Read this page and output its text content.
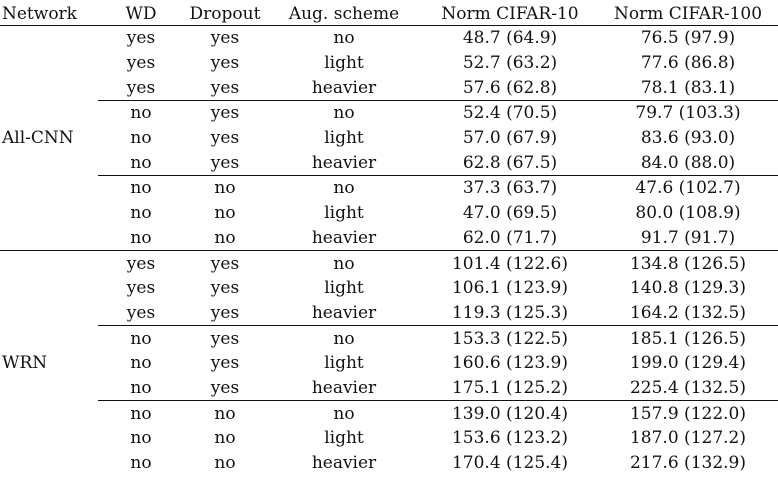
Network	WD	Dropout	Aug. scheme	Norm CIFAR-10	Norm CIFAR-100
All-CNN	yes	yes	no	48.7 (64.9)	76.5 (97.9)
	yes	yes	light	52.7 (63.2)	77.6 (86.8)
	yes	yes	heavier	57.6 (62.8)	78.1 (83.1)
	no	yes	no	52.4 (70.5)	79.7 (103.3)
	no	yes	light	57.0 (67.9)	83.6 (93.0)
	no	yes	heavier	62.8 (67.5)	84.0 (88.0)
	no	no	no	37.3 (63.7)	47.6 (102.7)
	no	no	light	47.0 (69.5)	80.0 (108.9)
	no	no	heavier	62.0 (71.7)	91.7 (91.7)
WRN	yes	yes	no	101.4 (122.6)	134.8 (126.5)
	yes	yes	light	106.1 (123.9)	140.8 (129.3)
	yes	yes	heavier	119.3 (125.3)	164.2 (132.5)
	no	yes	no	153.3 (122.5)	185.1 (126.5)
	no	yes	light	160.6 (123.9)	199.0 (129.4)
	no	yes	heavier	175.1 (125.2)	225.4 (132.5)
	no	no	no	139.0 (120.4)	157.9 (122.0)
	no	no	light	153.6 (123.2)	187.0 (127.2)
	no	no	heavier	170.4 (125.4)	217.6 (132.9)
